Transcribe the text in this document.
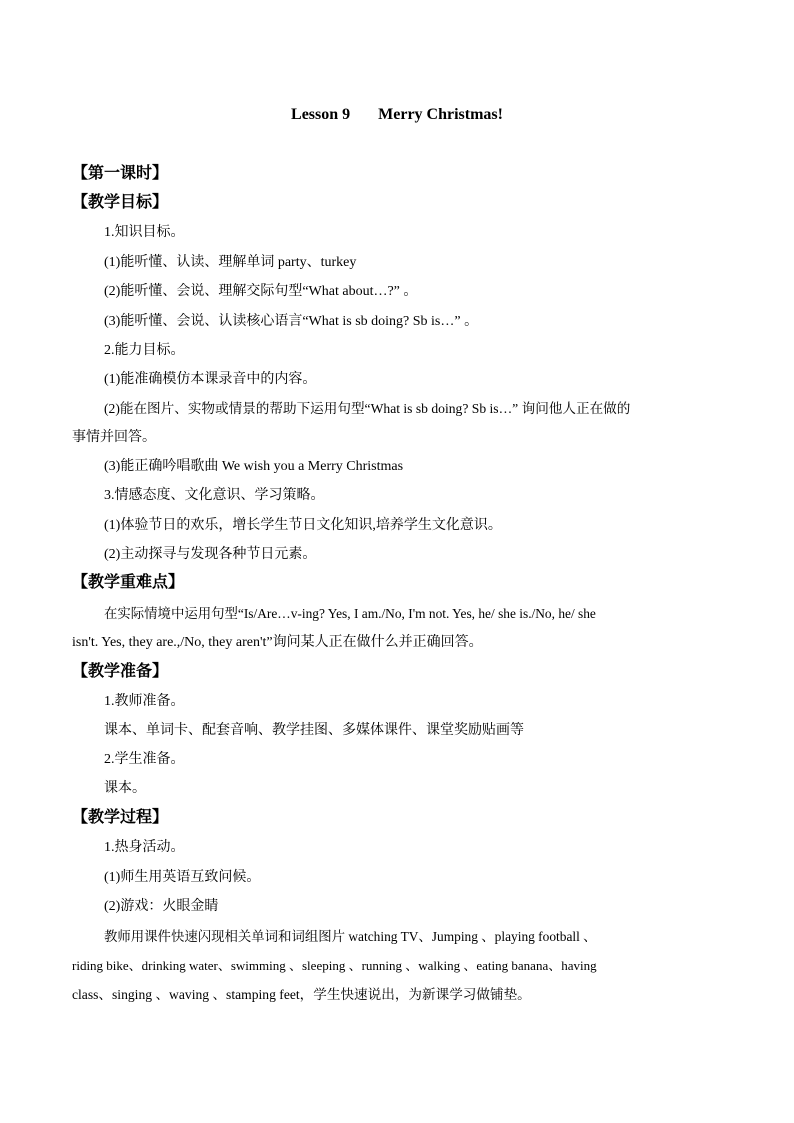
Lesson 9 Merry Christmas!
【第一课时】
【教学目标】
1.知识目标。
(1)能听懂、认读、理解单词 party、turkey
(2)能听懂、会说、理解交际句型“What about…?” 。
(3)能听懂、会说、认读核心语言“What is sb doing? Sb is…” 。
2.能力目标。
(1)能准确模仿本课录音中的内容。
(2)能在图片、实物或情景的帮助下运用句型“What is sb doing? Sb is…” 询问他人正在做的
事情并回答。
(3)能正确吟唱歌曲 We wish you a Merry Christmas
3.情感态度、文化意识、学习策略。
(1)体验节日的欢乐，增长学生节日文化知识,培养学生文化意识。
(2)主动探寻与发现各种节日元素。
【教学重难点】
在实际情境中运用句型“Is/Are…v-ing? Yes, I am./No, I'm not. Yes, he/ she is./No, he/ she
isn't. Yes, they are.,/No, they aren't”询问某人正在做什么并正确回答。
【教学准备】
1.教师准备。
课本、单词卡、配套音响、教学挂图、多媒体课件、课堂奖励贴画等
2.学生准备。
课本。
【教学过程】
1.热身活动。
(1)师生用英语互致问候。
(2)游戏：火眼金睛
教师用课件快速闪现相关单词和词组图片 watching TV、Jumping 、playing football 、
riding bike、drinking water、swimming 、sleeping 、running 、walking 、eating banana、having
class、singing 、waving 、stamping feet，学生快速说出，为新课学习做铺垫。
